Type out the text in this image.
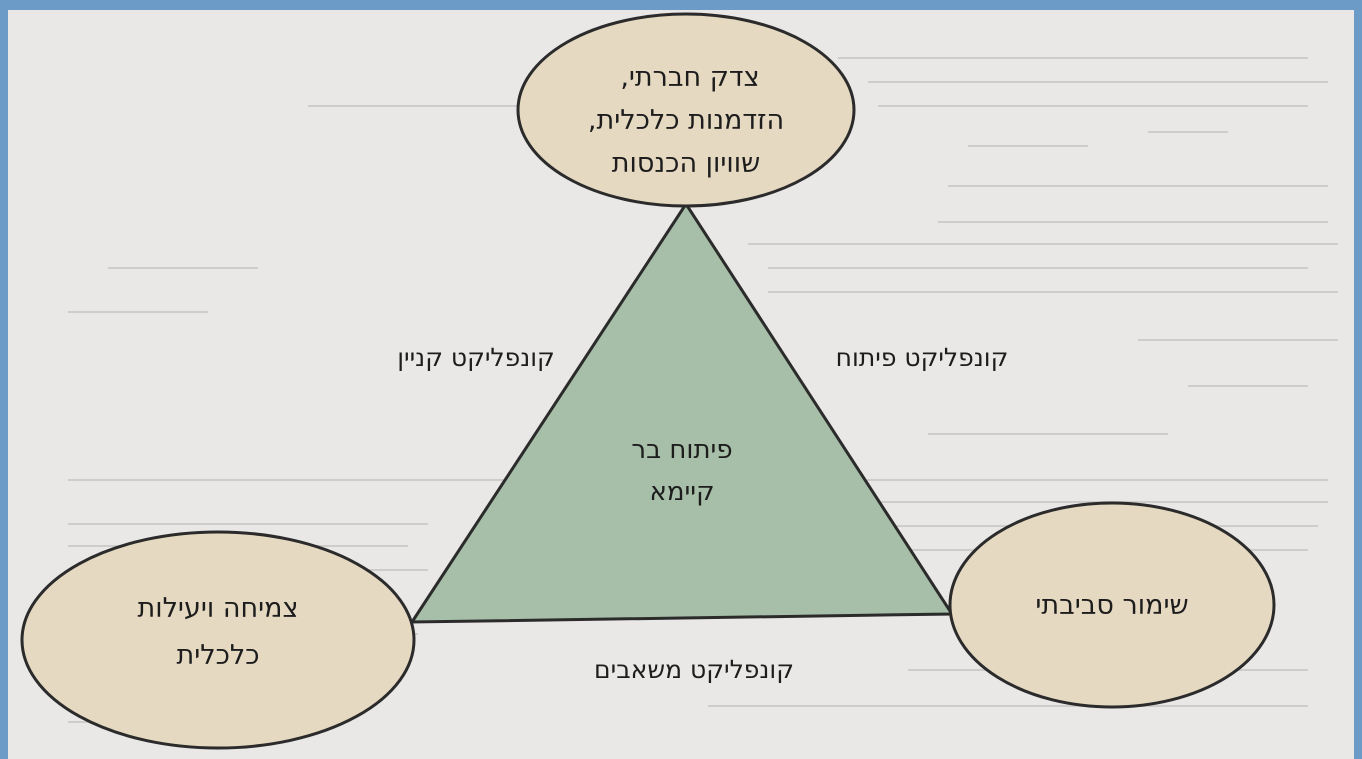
פיתוח בר
קיימא
צדק חברתי,
הזדמנות כלכלית,
שוויון הכנסות
צמיחה ויעילות
כלכלית
שימור סביבתי
קונפליקט קניין	קונפליקט פיתוח
קונפליקט משאבים
